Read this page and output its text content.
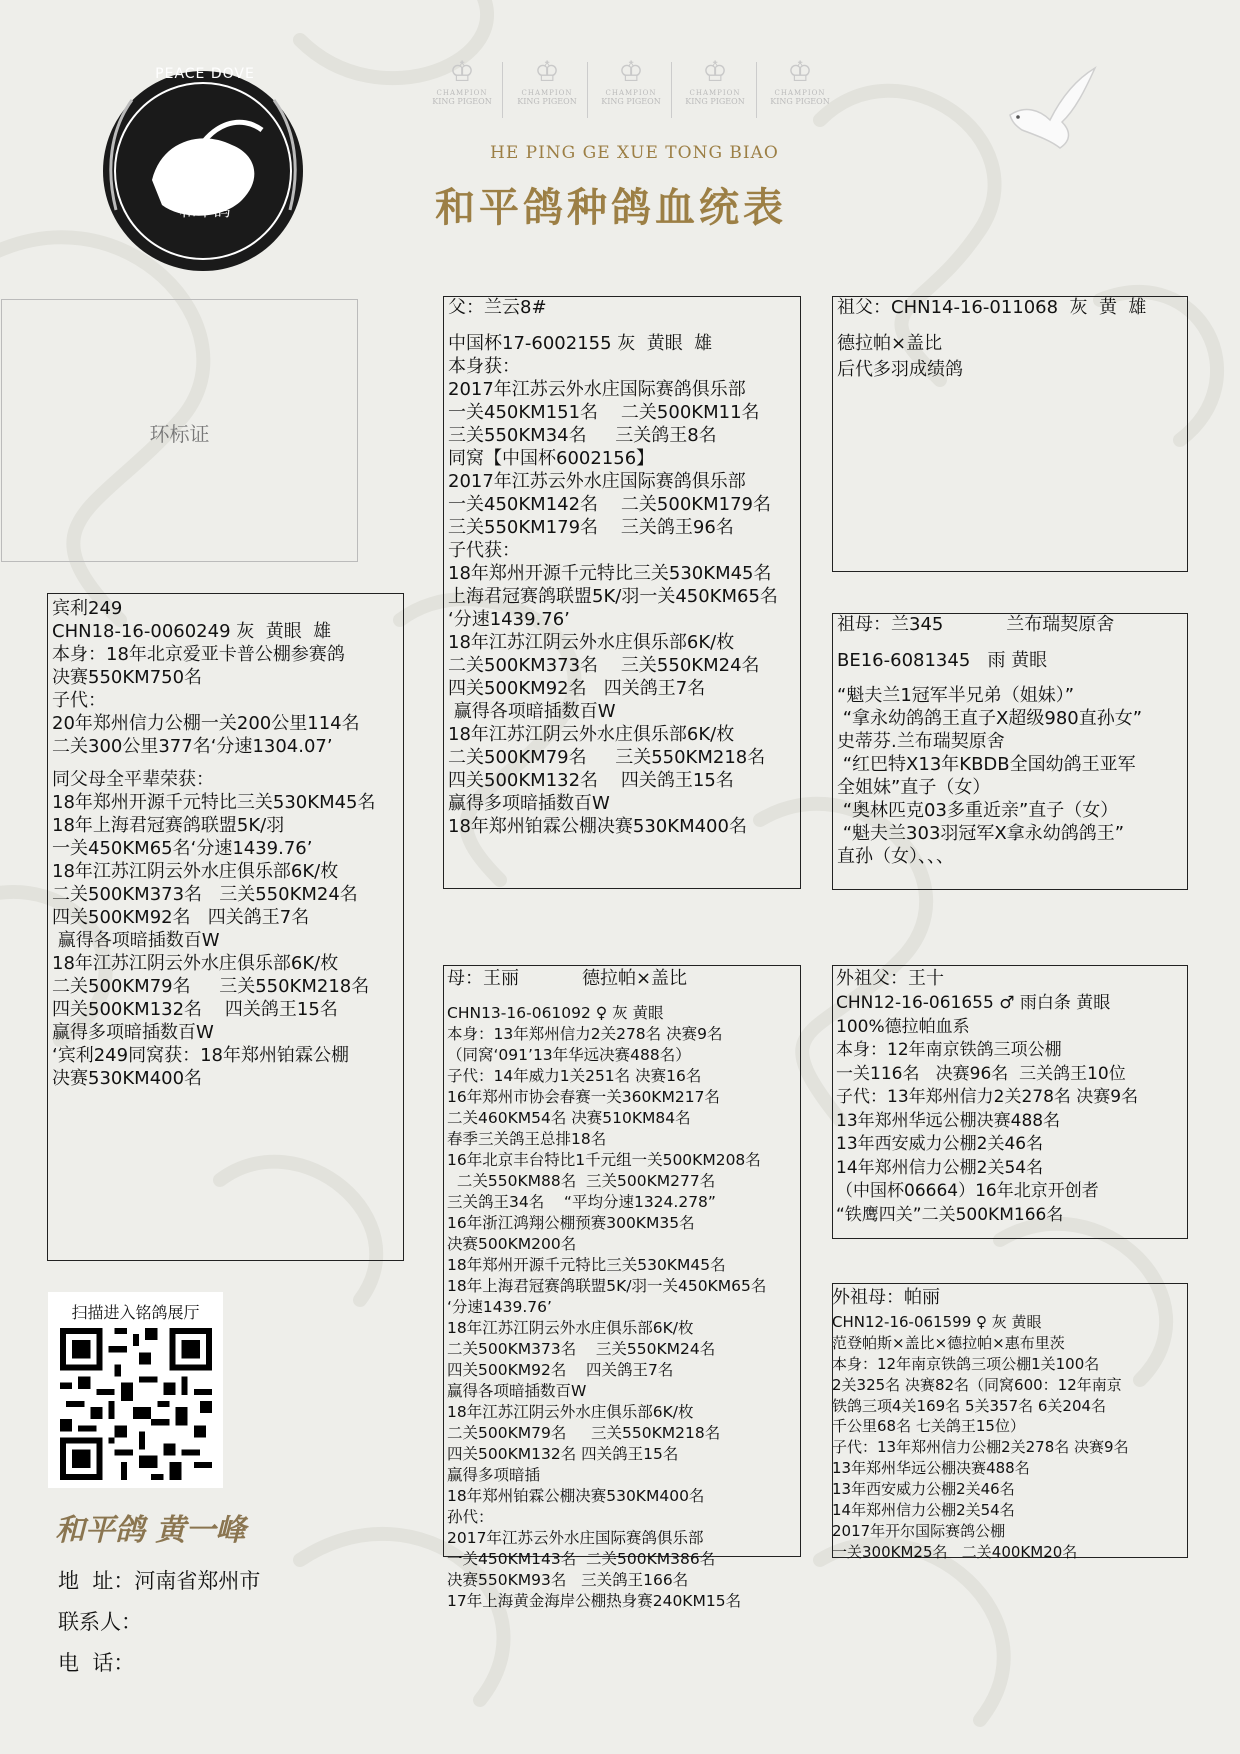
PEACE DOVE
和平鸽
♔
CHAMPION
KING PIGEON
♔
CHAMPION
KING PIGEON
♔
CHAMPION
KING PIGEON
♔
CHAMPION
KING PIGEON
♔
CHAMPION
KING PIGEON
HE PING GE XUE TONG BIAO
和平鸽种鸽血统表
环标证
宾利249
CHN18-16-0060249 灰  黄眼  雄
本身：18年北京爱亚卡普公棚参赛鸽
决赛550KM750名
子代：
20年郑州信力公棚一关200公里114名
二关300公里377名‘分速1304.07’
同父母全平辈荣获：
18年郑州开源千元特比三关530KM45名
18年上海君冠赛鸽联盟5K/羽
一关450KM65名‘分速1439.76’
18年江苏江阴云外水庄俱乐部6K/枚
二关500KM373名   三关550KM24名
四关500KM92名   四关鸽王7名
赢得各项暗插数百W
18年江苏江阴云外水庄俱乐部6K/枚
二关500KM79名     三关550KM218名
四关500KM132名    四关鸽王15名
赢得多项暗插数百W
‘宾利249同窝获：18年郑州铂霖公棚
决赛530KM400名
父：兰云8#
中国杯17-6002155 灰  黄眼  雄
本身获：
2017年江苏云外水庄国际赛鸽俱乐部
一关450KM151名    二关500KM11名
三关550KM34名     三关鸽王8名
同窝【中国杯6002156】
2017年江苏云外水庄国际赛鸽俱乐部
一关450KM142名    二关500KM179名
三关550KM179名    三关鸽王96名
子代获：
18年郑州开源千元特比三关530KM45名
上海君冠赛鸽联盟5K/羽一关450KM65名
‘分速1439.76’
18年江苏江阴云外水庄俱乐部6K/枚
二关500KM373名    三关550KM24名
四关500KM92名   四关鸽王7名
赢得各项暗插数百W
18年江苏江阴云外水庄俱乐部6K/枚
二关500KM79名     三关550KM218名
四关500KM132名    四关鸽王15名
赢得多项暗插数百W
18年郑州铂霖公棚决赛530KM400名
祖父：CHN14-16-011068  灰  黄  雄
德拉帕×盖比
后代多羽成绩鸽
祖母：兰345           兰布瑞契原舍
BE16-6081345   雨 黄眼
“魁夫兰1冠军半兄弟（姐妹）”
“拿永幼鸽鸽王直子X超级980直孙女”
史蒂芬.兰布瑞契原舍
“红巴特X13年KBDB全国幼鸽王亚军
全姐妹”直子（女）
“奥林匹克03多重近亲”直子（女）
“魁夫兰303羽冠军X拿永幼鸽鸽王”
直孙（女）、、、
母：王丽           德拉帕×盖比
CHN13-16-061092 ♀ 灰 黄眼
本身：13年郑州信力2关278名 决赛9名
（同窝‘091’13年华远决赛488名）
子代：14年威力1关251名 决赛16名
16年郑州市协会春赛一关360KM217名
二关460KM54名 决赛510KM84名
春季三关鸽王总排18名
16年北京丰台特比1千元组一关500KM208名
二关550KM88名  三关500KM277名
三关鸽王34名    “平均分速1324.278”
16年浙江鸿翔公棚预赛300KM35名
决赛500KM200名
18年郑州开源千元特比三关530KM45名
18年上海君冠赛鸽联盟5K/羽一关450KM65名
‘分速1439.76’
18年江苏江阴云外水庄俱乐部6K/枚
二关500KM373名    三关550KM24名
四关500KM92名    四关鸽王7名
赢得各项暗插数百W
18年江苏江阴云外水庄俱乐部6K/枚
二关500KM79名     三关550KM218名
四关500KM132名 四关鸽王15名
赢得多项暗插
18年郑州铂霖公棚决赛530KM400名
孙代：
2017年江苏云外水庄国际赛鸽俱乐部
一关450KM143名  二关500KM386名
决赛550KM93名   三关鸽王166名
17年上海黄金海岸公棚热身赛240KM15名
外祖父：王十
CHN12-16-061655 ♂ 雨白条 黄眼
100%德拉帕血系
本身：12年南京铁鸽三项公棚
一关116名   决赛96名  三关鸽王10位
子代：13年郑州信力2关278名 决赛9名
13年郑州华远公棚决赛488名
13年西安威力公棚2关46名
14年郑州信力公棚2关54名
（中国杯06664）16年北京开创者
“铁鹰四关”二关500KM166名
外祖母：帕丽
CHN12-16-061599 ♀ 灰 黄眼
范登帕斯×盖比×德拉帕×惠布里茨
本身：12年南京铁鸽三项公棚1关100名
2关325名 决赛82名（同窝600：12年南京
铁鸽三项4关169名 5关357名 6关204名
千公里68名 七关鸽王15位）
子代：13年郑州信力公棚2关278名 决赛9名
13年郑州华远公棚决赛488名
13年西安威力公棚2关46名
14年郑州信力公棚2关54名
2017年开尔国际赛鸽公棚
一关300KM25名   二关400KM20名
扫描进入铭鸽展厅
和平鸽 黄一峰
地  址：河南省郑州市
联系人：
电  话：
